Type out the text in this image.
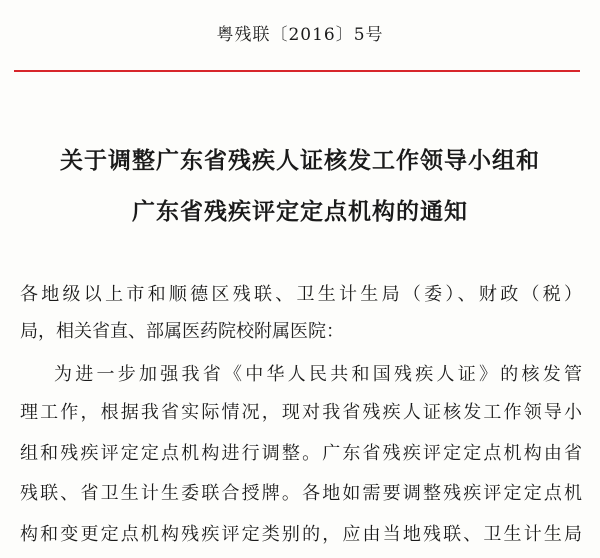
粤残联〔2016〕5号
关于调整广东省残疾人证核发工作领导小组和
广东省残疾评定定点机构的通知
各地级以上市和顺德区残联、卫生计生局（委）、财政（税）
局，相关省直、部属医药院校附属医院：
为进一步加强我省《中华人民共和国残疾人证》的核发管
理工作，根据我省实际情况，现对我省残疾人证核发工作领导小
组和残疾评定定点机构进行调整。广东省残疾评定定点机构由省
残联、省卫生计生委联合授牌。各地如需要调整残疾评定定点机
构和变更定点机构残疾评定类别的，应由当地残联、卫生计生局
